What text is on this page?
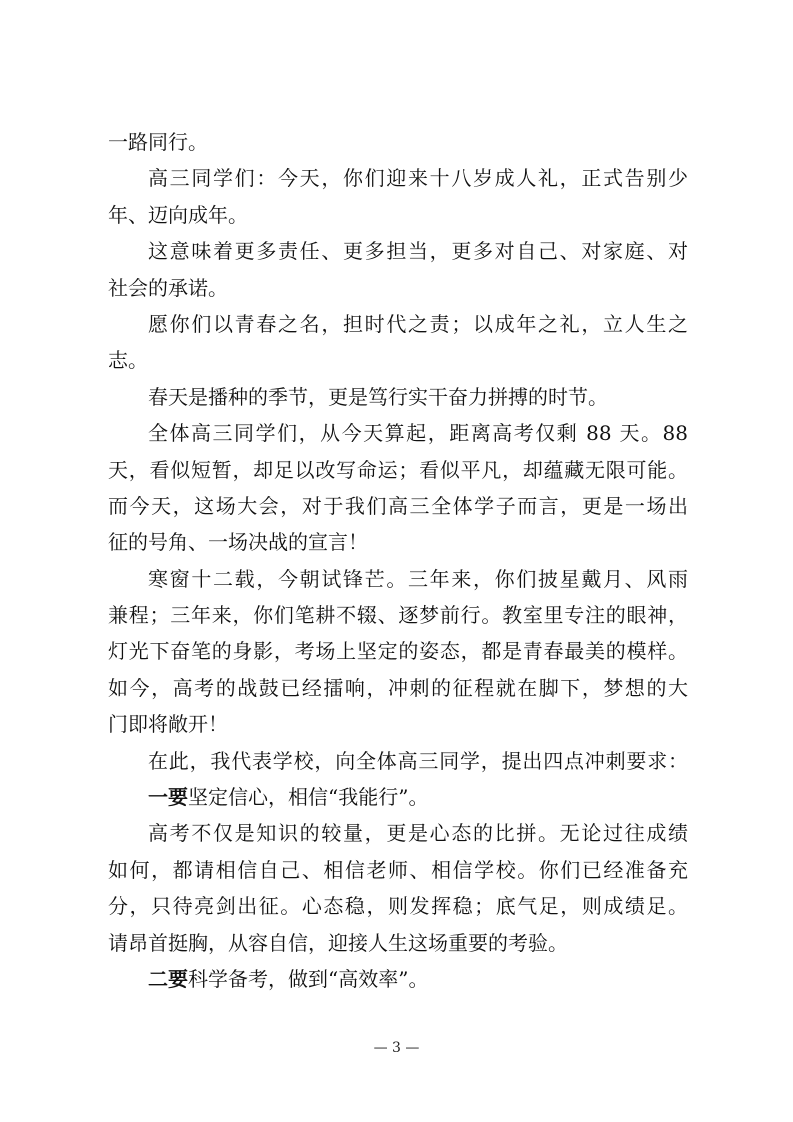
一路同行。
高三同学们：今天，你们迎来十八岁成人礼，正式告别少
年、迈向成年。
这意味着更多责任、更多担当，更多对自己、对家庭、对
社会的承诺。
愿你们以青春之名，担时代之责；以成年之礼，立人生之
志。
春天是播种的季节，更是笃行实干奋力拼搏的时节。
全体高三同学们，从今天算起，距离高考仅剩 88 天。88
天，看似短暂，却足以改写命运；看似平凡，却蕴藏无限可能。
而今天，这场大会，对于我们高三全体学子而言，更是一场出
征的号角、一场决战的宣言！
寒窗十二载，今朝试锋芒。三年来，你们披星戴月、风雨
兼程；三年来，你们笔耕不辍、逐梦前行。教室里专注的眼神，
灯光下奋笔的身影，考场上坚定的姿态，都是青春最美的模样。
如今，高考的战鼓已经擂响，冲刺的征程就在脚下，梦想的大
门即将敞开！
在此，我代表学校，向全体高三同学，提出四点冲刺要求：
一要坚定信心，相信“我能行”。
高考不仅是知识的较量，更是心态的比拼。无论过往成绩
如何，都请相信自己、相信老师、相信学校。你们已经准备充
分，只待亮剑出征。心态稳，则发挥稳；底气足，则成绩足。
请昂首挺胸，从容自信，迎接人生这场重要的考验。
二要科学备考，做到“高效率”。
— 3 —
